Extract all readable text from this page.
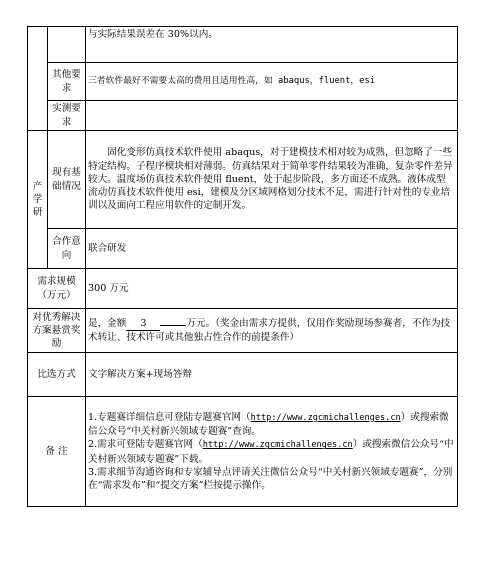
		与实际结果误差在 30%以内。
	其他要求	三者软件最好不需要太高的费用且适用性高，如 abaqus，fluent，esi
	实测要求	
产学研	现有基础情况	固化变形仿真技术软件使用 abaqus，对于建模技术相对较为成熟，但忽略了一些特定结构。子程序模块相对薄弱。仿真结果对于简单零件结果较为准确，复杂零件差异较大。温度场仿真技术软件使用 fluent，处于起步阶段，多方面还不成熟。液体成型流动仿真技术软件使用 esi，建模及分区域网格划分技术不足，需进行针对性的专业培训以及面向工程应用软件的定制开发。

	合作意向	联合研发
需求规模（万元）		300 万元
对优秀解决方案悬赏奖励		是，金额 3 万元。（奖金由需求方提供，仅用作奖励现场参赛者，不作为技术转让、技术许可或其他独占性合作的前提条件）
比选方式		文字解决方案+现场答辩
备 注		1.专题赛详细信息可登陆专题赛官网（http://www.zgcmichallenges.cn）或搜索微信公众号“中关村新兴领域专题赛”查询。
2.需求可登陆专题赛官网（http://www.zgcmichallenges.cn）或搜索微信公众号“中关村新兴领域专题赛”下载。
3.需求细节沟通咨询和专家辅导点评请关注微信公众号“中关村新兴领域专题赛”，分别在“需求发布”和“提交方案”栏按提示操作。
